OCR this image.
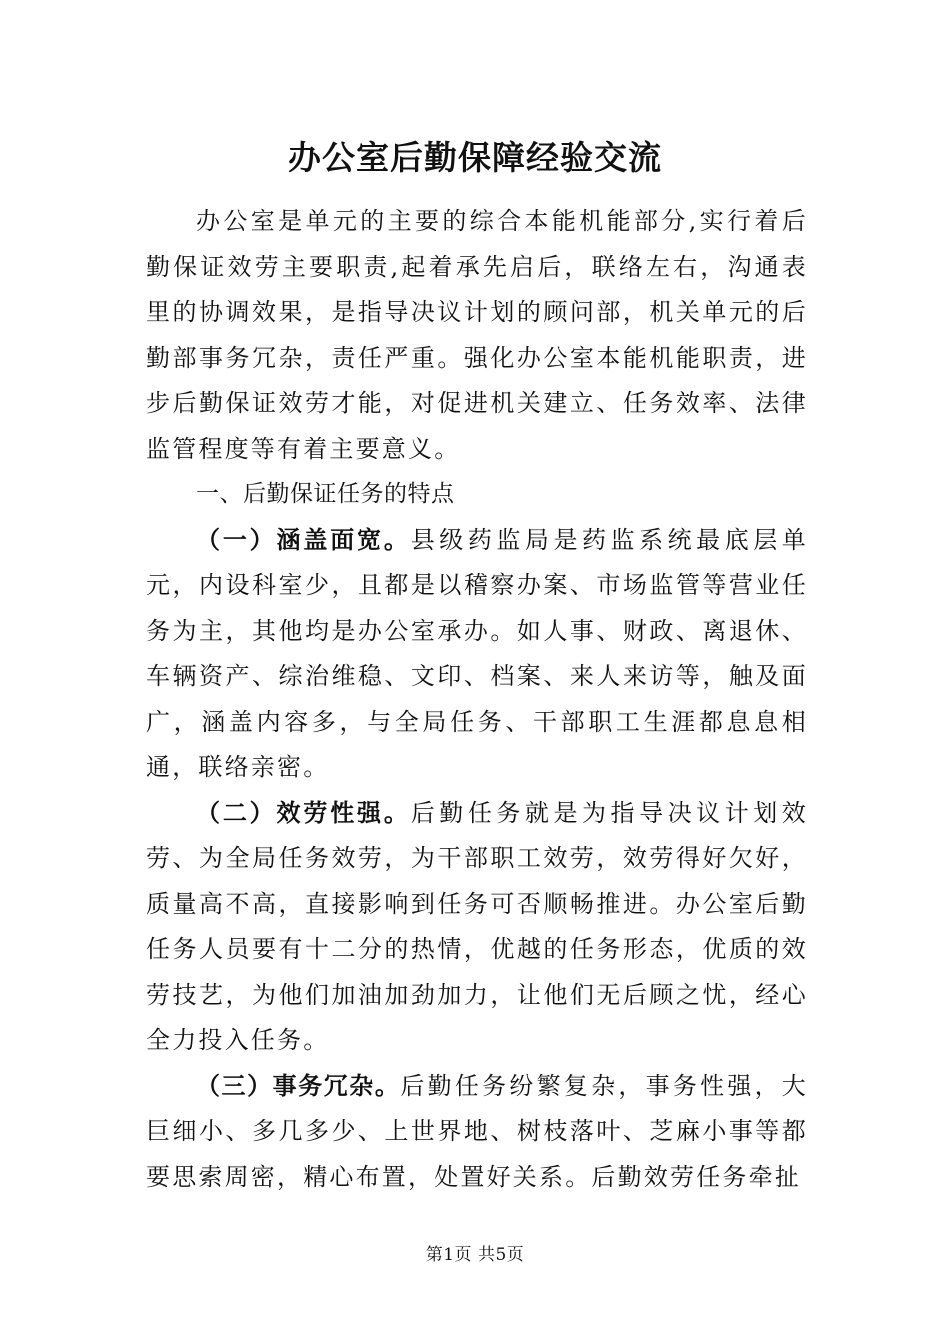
办公室后勤保障经验交流

办公室是单元的主要的综合本能机能部分,实行着后勤保证效劳主要职责,起着承先启后，联络左右，沟通表里的协调效果，是指导决议计划的顾问部，机关单元的后勤部事务冗杂，责任严重。强化办公室本能机能职责，进步后勤保证效劳才能，对促进机关建立、任务效率、法律监管程度等有着主要意义。

一、后勤保证任务的特点

（一）涵盖面宽。县级药监局是药监系统最底层单元，内设科室少，且都是以稽察办案、市场监管等营业任务为主，其他均是办公室承办。如人事、财政、离退休、车辆资产、综治维稳、文印、档案、来人来访等，触及面广，涵盖内容多，与全局任务、干部职工生涯都息息相通，联络亲密。

（二）效劳性强。后勤任务就是为指导决议计划效劳、为全局任务效劳，为干部职工效劳，效劳得好欠好，质量高不高，直接影响到任务可否顺畅推进。办公室后勤任务人员要有十二分的热情，优越的任务形态，优质的效劳技艺，为他们加油加劲加力，让他们无后顾之忧，经心全力投入任务。

（三）事务冗杂。后勤任务纷繁复杂，事务性强，大巨细小、多几多少、上世界地、树枝落叶、芝麻小事等都要思索周密，精心布置，处置好关系。后勤效劳任务牵扯

第1页 共5页
